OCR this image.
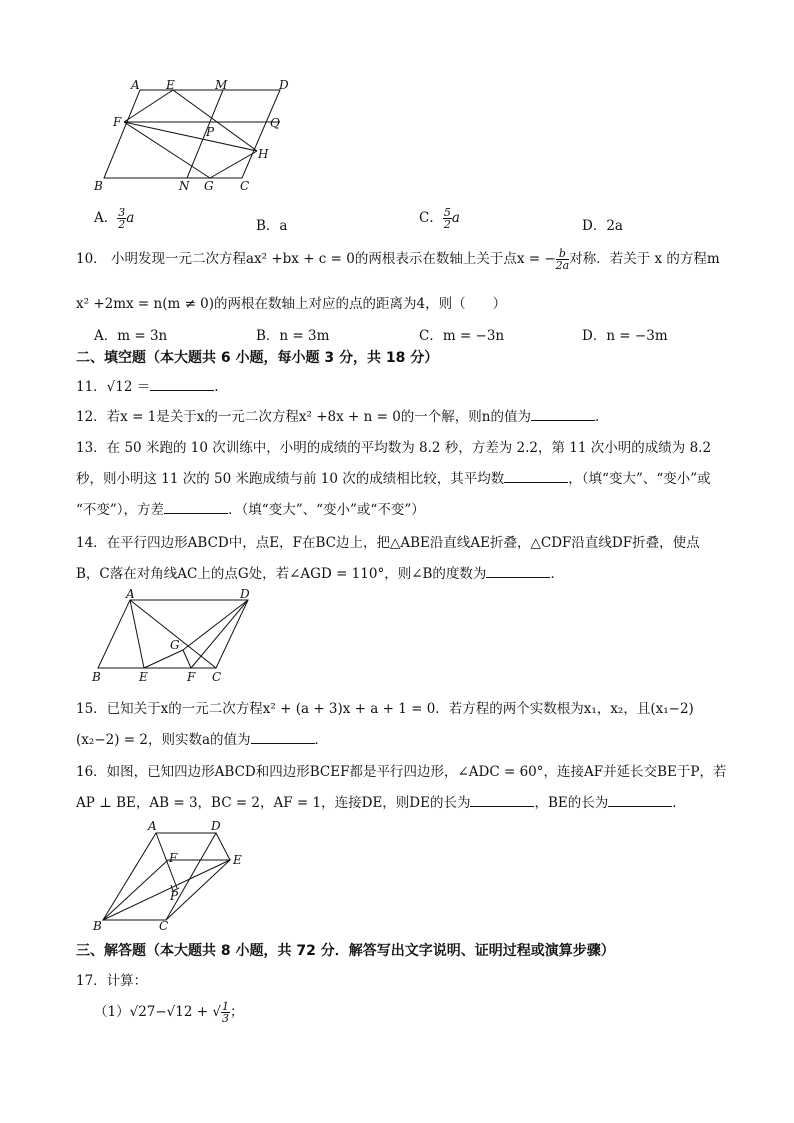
A E	M	D
F
P
Q
H
B	N G C
A． $\frac{3}{2}$ a	B．a	C． $\frac{5}{2}$ a	D．2a
10． 小明发现一元二次方程ax² +bx + c = 0的两根表示在数轴上关于点x = − $\frac{b}{2a}$ 对称．若关于 x 的方程m
x² +2mx = n(m ≠ 0)的两根在数轴上对应的点的距离为4，则（　　）
A．m = 3n	B．n = 3m	C．m = −3n	D．n = −3m
二、填空题（本大题共 6 小题，每小题 3 分，共 18 分）
11．√12 ＝	.
12．若x = 1是关于x的一元二次方程x² +8x + n = 0的一个解，则n的值为	．
13．在 50 米跑的 10 次训练中，小明的成绩的平均数为 8.2 秒，方差为 2.2，第 11 次小明的成绩为 8.2
秒，则小明这 11 次的 50 米跑成绩与前 10 次的成绩相比较，其平均数	，（填“变大”、“变小”或
“不变”），方差	．（填“变大”、“变小”或“不变”）
14．在平行四边形ABCD中，点E，F在BC边上，把△ABE沿直线AE折叠，△CDF沿直线DF折叠，使点
B，C落在对角线AC上的点G处，若∠AGD = 110°，则∠B的度数为	．
A	D
G
B	E	F C
15．已知关于x的一元二次方程x² + (a + 3)x + a + 1 = 0．若方程的两个实数根为x₁，x₂，且(x₁−2)
(x₂−2) = 2，则实数a的值为	．
16．如图，已知四边形ABCD和四边形BCEF都是平行四边形，∠ADC = 60°，连接AF并延长交BE于P，若
AP ⊥ BE，AB = 3，BC = 2，AF = 1，连接DE，则DE的长为	，BE的长为	．
A	D
F	E
P
B	C
三、解答题（本大题共 8 小题，共 72 分．解答写出文字说明、证明过程或演算步骤）
17．计算：
（1）√27−√12 + √ $\frac{1}{3}$ ；
